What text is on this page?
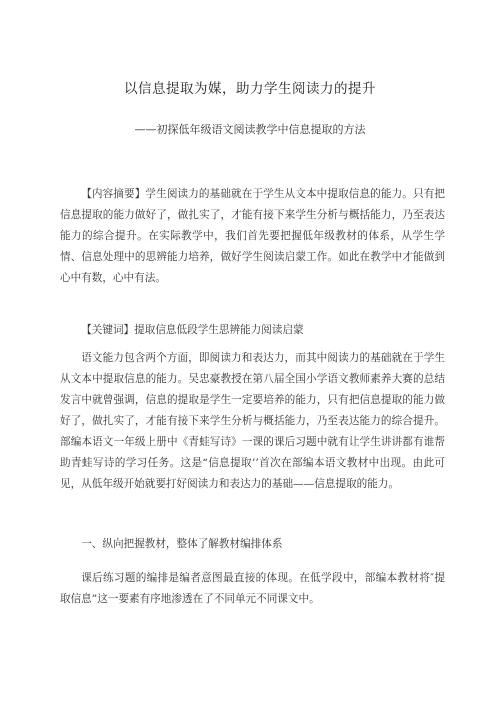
以信息提取为媒，助力学生阅读力的提升
——初探低年级语文阅读教学中信息提取的方法

【内容摘要】学生阅读力的基础就在于学生从文本中提取信息的能力。只有把信息提取的能力做好了，做扎实了，才能有接下来学生分析与概括能力，乃至表达能力的综合提升。在实际教学中，我们首先要把握低年级教材的体系，从学生学情、信息处理中的思辨能力培养，做好学生阅读启蒙工作。如此在教学中才能做到心中有数，心中有法。

【关键词】提取信息低段学生思辨能力阅读启蒙

语文能力包含两个方面，即阅读力和表达力，而其中阅读力的基础就在于学生从文本中提取信息的能力。吴忠豪教授在第八届全国小学语文教师素养大赛的总结发言中就曾强调，信息的提取是学生一定要培养的能力，只有把信息提取的能力做好了，做扎实了，才能有接下来学生分析与概括能力，乃至表达能力的综合提升。部编本语文一年级上册中《青蛙写诗》一课的课后习题中就有让学生讲讲都有谁帮助青蛙写诗的学习任务。这是“信息提取’’首次在部编本语文教材中出现。由此可见，从低年级开始就要打好阅读力和表达力的基础——信息提取的能力。

一、纵向把握教材，整体了解教材编排体系

课后练习题的编排是编者意图最直接的体现。在低学段中，部编本教材将″提取信息”这一要素有序地渗透在了不同单元不同课文中。
